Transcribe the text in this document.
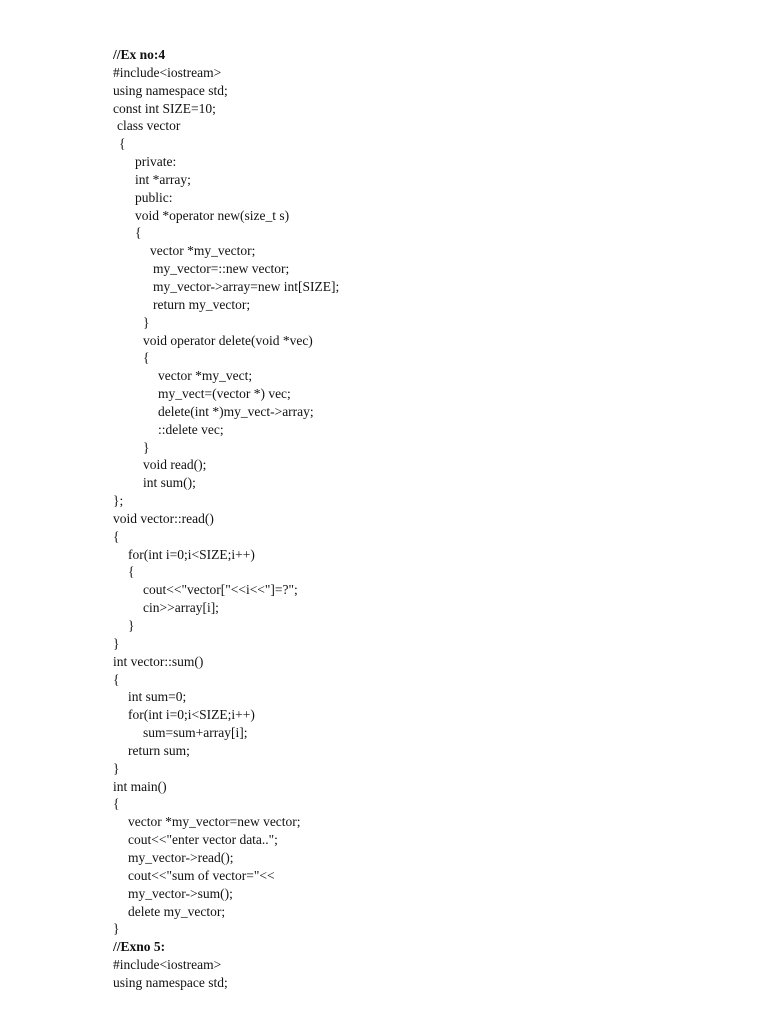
//Ex no:4
#include<iostream>
using namespace std;
const int SIZE=10;
class vector
{
private:
int *array;
public:
void *operator new(size_t s)
{
vector *my_vector;
my_vector=::new vector;
my_vector->array=new int[SIZE];
return my_vector;
}
void operator delete(void *vec)
{
vector *my_vect;
my_vect=(vector *) vec;
delete(int *)my_vect->array;
::delete vec;
}
void read();
int sum();
};
void vector::read()
{
for(int i=0;i<SIZE;i++)
{
cout<<"vector["<<i<<"]=?";
cin>>array[i];
}
}
int vector::sum()
{
int sum=0;
for(int i=0;i<SIZE;i++)
sum=sum+array[i];
return sum;
}
int main()
{
vector *my_vector=new vector;
cout<<"enter vector data..";
my_vector->read();
cout<<"sum of vector="<<
my_vector->sum();
delete my_vector;
}
//Exno 5:
#include<iostream>
using namespace std;
